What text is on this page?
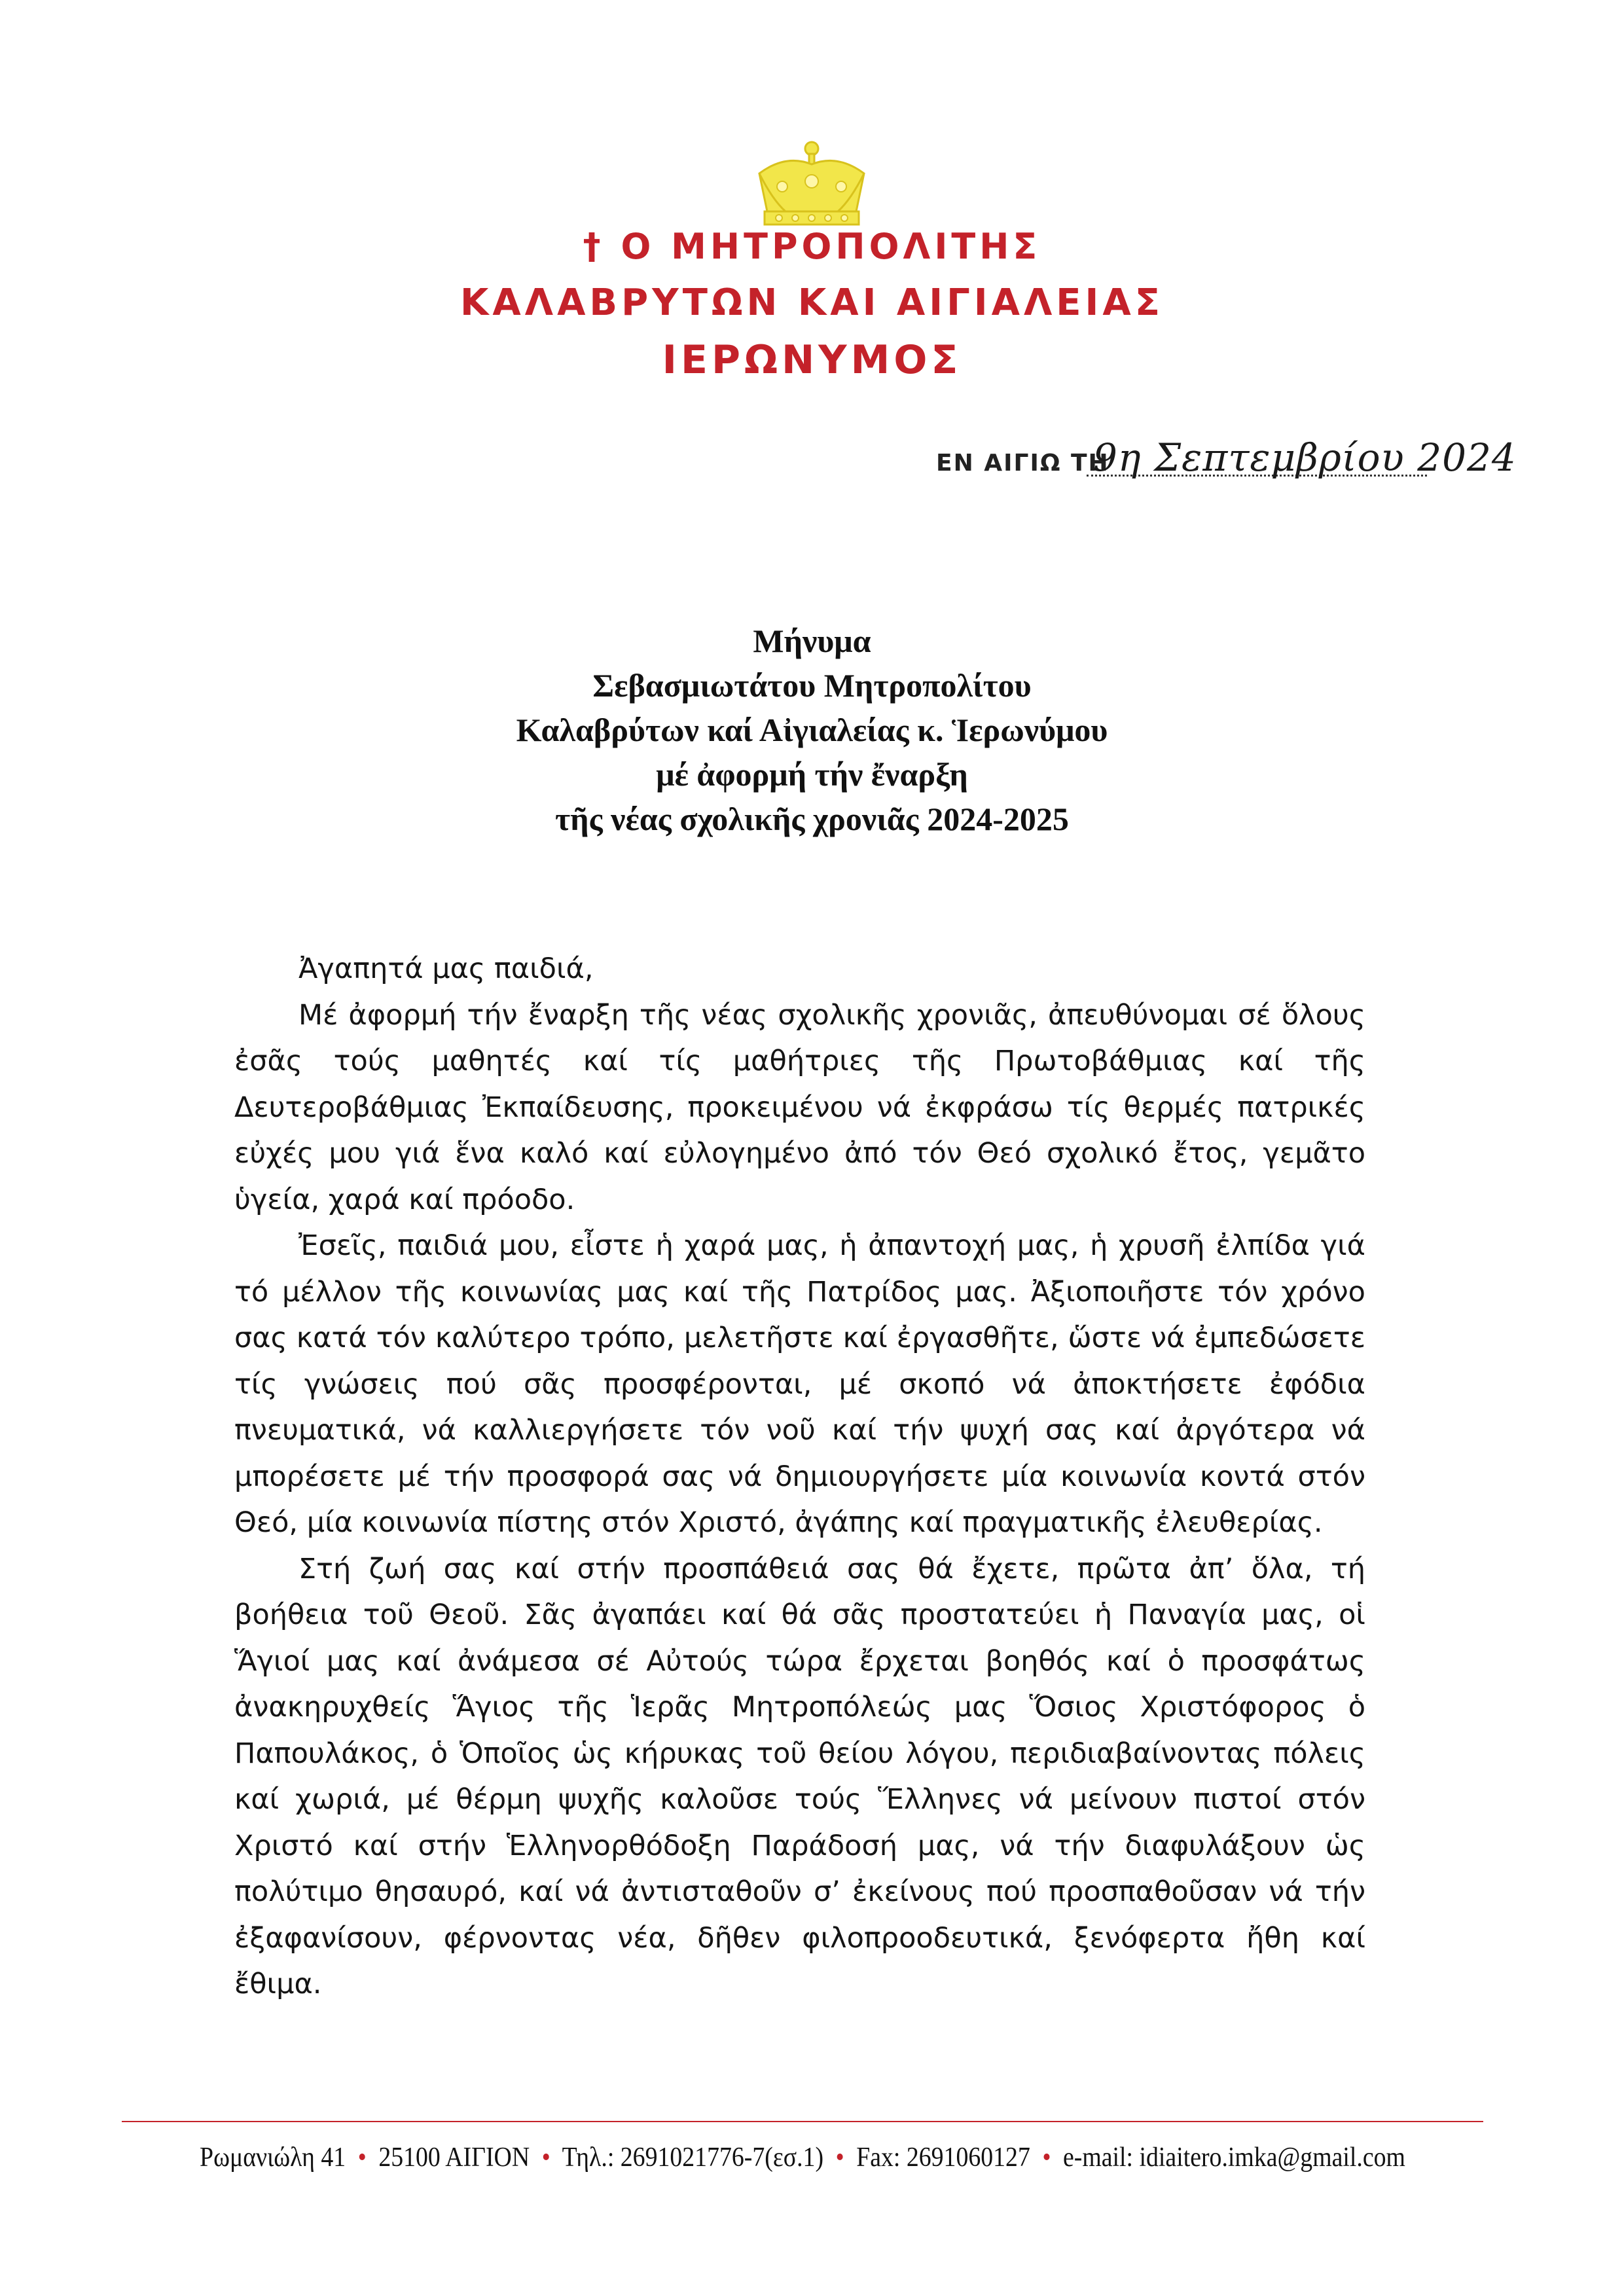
† Ο ΜΗΤΡΟΠΟΛΙΤΗΣ
ΚΑΛΑΒΡΥΤΩΝ ΚΑΙ ΑΙΓΙΑΛΕΙΑΣ
ΙΕΡΩΝΥΜΟΣ
ΕΝ ΑΙΓΙΩ ΤΗ
9η Σεπτεμβρίου 2024
Μήνυμα
Σεβασμιωτάτου Μητροπολίτου
Καλαβρύτων καί Αἰγιαλείας κ. Ἱερωνύμου
μέ ἀφορμή τήν ἔναρξη
τῆς νέας σχολικῆς χρονιᾶς 2024-2025

Ἀγαπητά μας παιδιά,

Μέ ἀφορμή τήν ἔναρξη τῆς νέας σχολικῆς χρονιᾶς, ἀπευθύνομαι σέ ὅλους ἐσᾶς τούς μαθητές καί τίς μαθήτριες τῆς Πρωτοβάθμιας καί τῆς Δευτεροβάθμιας Ἐκπαίδευσης, προκειμένου νά ἐκφράσω τίς θερμές πατρικές εὐχές μου γιά ἕνα καλό καί εὐλογημένο ἀπό τόν Θεό σχολικό ἔτος, γεμᾶτο ὑγεία, χαρά καί πρόοδο.

Ἐσεῖς, παιδιά μου, εἶστε ἡ χαρά μας, ἡ ἀπαντοχή μας, ἡ χρυσῆ ἐλπίδα γιά τό μέλλον τῆς κοινωνίας μας καί τῆς Πατρίδος μας. Ἀξιοποιῆστε τόν χρόνο σας κατά τόν καλύτερο τρόπο, μελετῆστε καί ἐργασθῆτε, ὥστε νά ἐμπεδώσετε τίς γνώσεις πού σᾶς προσφέρονται, μέ σκοπό νά ἀποκτήσετε ἐφόδια πνευματικά, νά καλλιεργήσετε τόν νοῦ καί τήν ψυχή σας καί ἀργότερα νά μπορέσετε μέ τήν προσφορά σας νά δημιουργήσετε μία κοινωνία κοντά στόν Θεό, μία κοινωνία πίστης στόν Χριστό, ἀγάπης καί πραγματικῆς ἐλευθερίας.

Στή ζωή σας καί στήν προσπάθειά σας θά ἔχετε, πρῶτα ἀπ’ ὅλα, τή βοήθεια τοῦ Θεοῦ. Σᾶς ἀγαπάει καί θά σᾶς προστατεύει ἡ Παναγία μας, οἱ Ἅγιοί μας καί ἀνάμεσα σέ Αὐτούς τώρα ἔρχεται βοηθός καί ὁ προσφάτως ἀνακηρυχθείς Ἅγιος τῆς Ἱερᾶς Μητροπόλεώς μας Ὅσιος Χριστόφορος ὁ Παπουλάκος, ὁ Ὁποῖος ὡς κήρυκας τοῦ θείου λόγου, περιδιαβαίνοντας πόλεις καί χωριά, μέ θέρμη ψυχῆς καλοῦσε τούς Ἕλληνες νά μείνουν πιστοί στόν Χριστό καί στήν Ἑλληνορθόδοξη Παράδοσή μας, νά τήν διαφυλάξουν ὡς πολύτιμο θησαυρό, καί νά ἀντισταθοῦν σ’ ἐκείνους πού προσπαθοῦσαν νά τήν ἐξαφανίσουν, φέρνοντας νέα, δῆθεν φιλοπροοδευτικά, ξενόφερτα ἤθη καί ἔθιμα.

Ρωμανιώλη 41 • 25100 ΑΙΓΙΟΝ • Τηλ.: 2691021776-7(εσ.1) • Fax: 2691060127 • e-mail: idiaitero.imka@gmail.com
